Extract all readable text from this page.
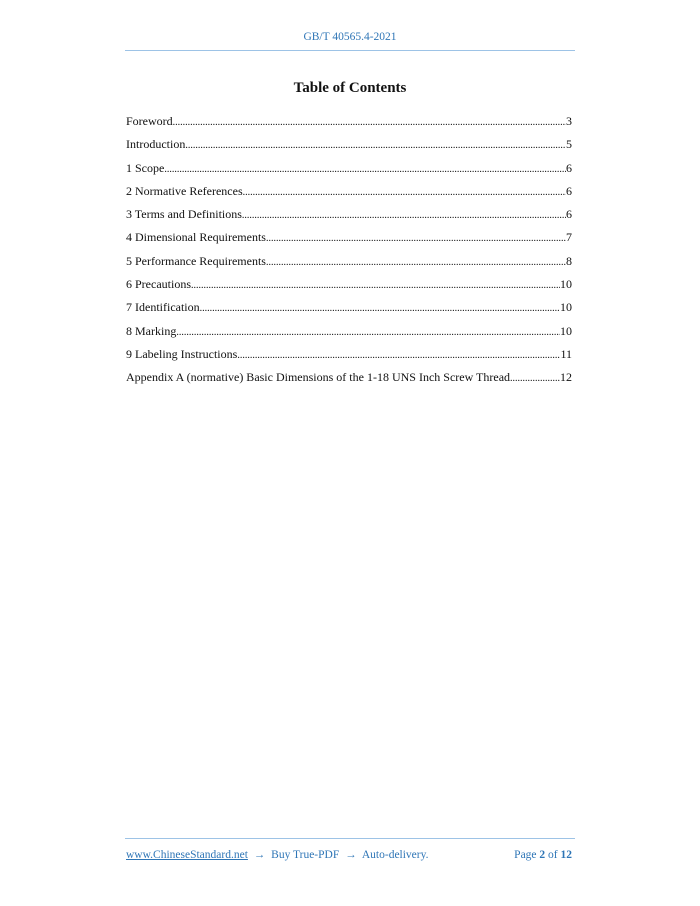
GB/T 40565.4-2021
Table of Contents
Foreword .....	3
Introduction .....	5
1 Scope .....	6
2 Normative References .....	6
3 Terms and Definitions .....	6
4 Dimensional Requirements .....	7
5 Performance Requirements .....	8
6 Precautions .....	10
7 Identification .....	10
8 Marking .....	10
9 Labeling Instructions .....	11
Appendix A (normative) Basic Dimensions of the 1-18 UNS Inch Screw Thread .....	12
www.ChineseStandard.net → Buy True-PDF → Auto-delivery.	Page 2 of 12
